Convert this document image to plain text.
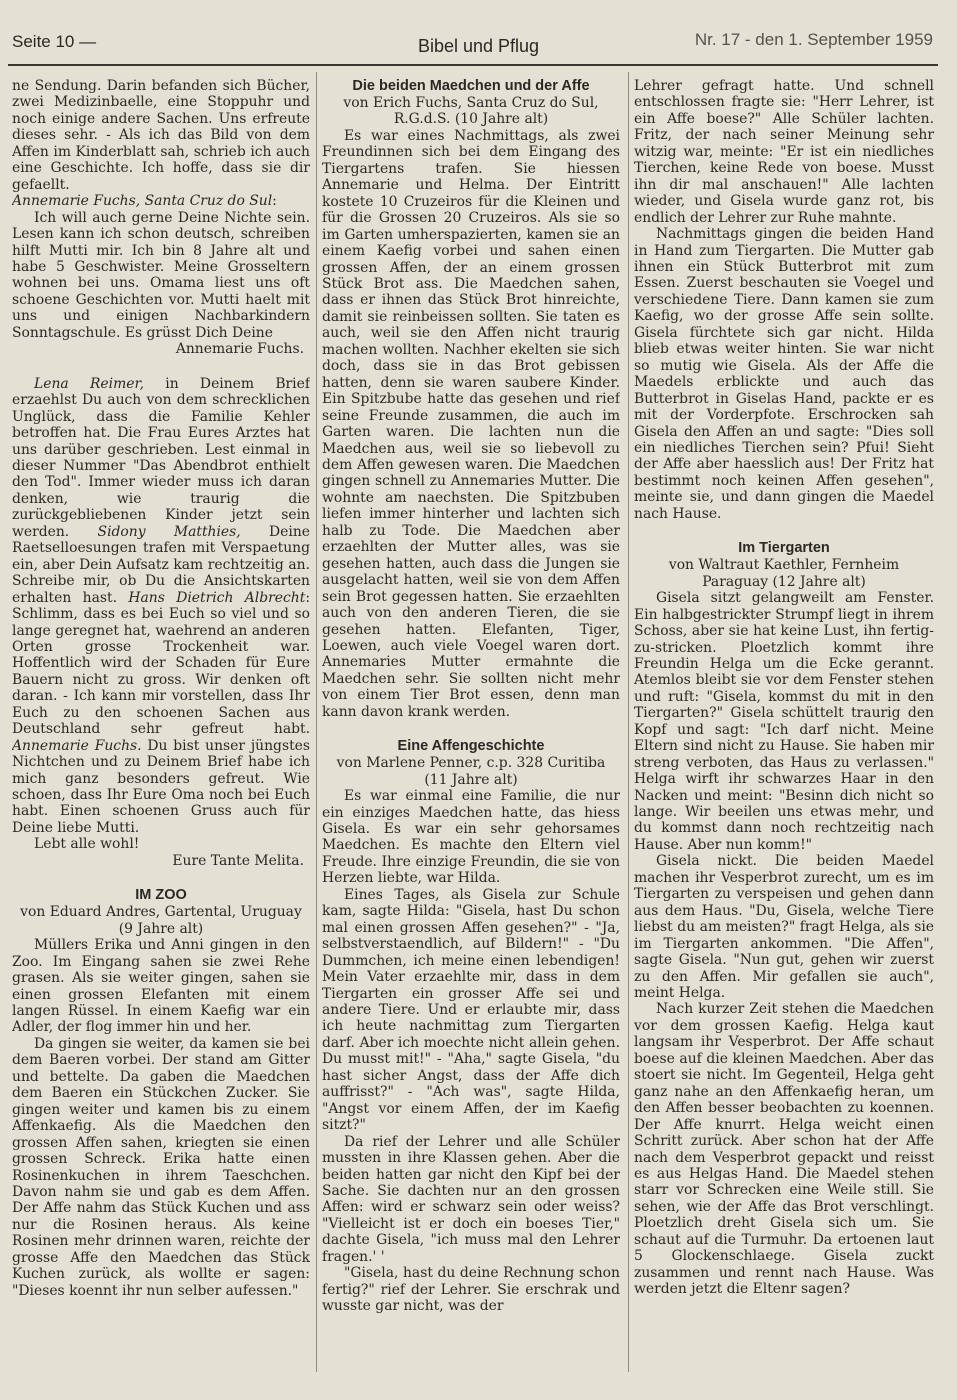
Seite 10 —	Bibel und Pflug	Nr. 17 - den 1. September 1959

ne Sendung. Darin befanden sich Bücher, zwei Medizinbaelle, eine Stoppuhr und noch einige andere Sachen. Uns erfreute dieses sehr. - Als ich das Bild von dem Affen im Kinderblatt sah, schrieb ich auch eine Geschichte. Ich hoffe, dass sie dir gefaellt.

Annemarie Fuchs, Santa Cruz do Sul:

Ich will auch gerne Deine Nichte sein. Lesen kann ich schon deutsch, schreiben hilft Mutti mir. Ich bin 8 Jahre alt und habe 5 Geschwister. Meine Grosseltern wohnen bei uns. Omama liest uns oft schoene Geschichten vor. Mutti haelt mit uns und einigen Nachbarkindern Sonntagschule. Es grüsst Dich Deine

Annemarie Fuchs.

Lena Reimer, in Deinem Brief erzaehlst Du auch von dem schrecklichen Unglück, dass die Familie Kehler betroffen hat. Die Frau Eures Arztes hat uns darüber geschrieben. Lest einmal in dieser Nummer "Das Abendbrot enthielt den Tod". Immer wieder muss ich daran denken, wie traurig die zurückgebliebenen Kinder jetzt sein werden. Sidony Matthies, Deine Raetselloesungen trafen mit Verspaetung ein, aber Dein Aufsatz kam rechtzeitig an. Schreibe mir, ob Du die Ansichtskarten erhalten hast. Hans Dietrich Albrecht: Schlimm, dass es bei Euch so viel und so lange geregnet hat, waehrend an anderen Orten grosse Trockenheit war. Hoffentlich wird der Schaden für Eure Bauern nicht zu gross. Wir denken oft daran. - Ich kann mir vorstellen, dass Ihr Euch zu den schoenen Sachen aus Deutschland sehr gefreut habt. Annemarie Fuchs. Du bist unser jüngstes Nichtchen und zu Deinem Brief habe ich mich ganz besonders gefreut. Wie schoen, dass Ihr Eure Oma noch bei Euch habt. Einen schoenen Gruss auch für Deine liebe Mutti.

Lebt alle wohl!

Eure Tante Melita.

IM ZOO

von Eduard Andres, Gartental, Uruguay

(9 Jahre alt)

Müllers Erika und Anni gingen in den Zoo. Im Eingang sahen sie zwei Rehe grasen. Als sie weiter gingen, sahen sie einen grossen Elefanten mit einem langen Rüssel. In einem Kaefig war ein Adler, der flog immer hin und her.

Da gingen sie weiter, da kamen sie bei dem Baeren vorbei. Der stand am Gitter und bettelte. Da gaben die Maedchen dem Baeren ein Stückchen Zucker. Sie gingen weiter und kamen bis zu einem Affenkaefig. Als die Maedchen den grossen Affen sahen, kriegten sie einen grossen Schreck. Erika hatte einen Rosinenkuchen in ihrem Taeschchen. Davon nahm sie und gab es dem Affen. Der Affe nahm das Stück Kuchen und ass nur die Rosinen heraus. Als keine Rosinen mehr drinnen waren, reichte der grosse Affe den Maedchen das Stück Kuchen zurück, als wollte er sagen: "Dieses koennt ihr nun selber aufessen."

Die beiden Maedchen und der Affe

von Erich Fuchs, Santa Cruz do Sul,

R.G.d.S. (10 Jahre alt)

Es war eines Nachmittags, als zwei Freundinnen sich bei dem Eingang des Tiergartens trafen. Sie hiessen Annemarie und Helma. Der Eintritt kostete 10 Cruzeiros für die Kleinen und für die Grossen 20 Cruzeiros. Als sie so im Garten umherspazierten, kamen sie an einem Kaefig vorbei und sahen einen grossen Affen, der an einem grossen Stück Brot ass. Die Maedchen sahen, dass er ihnen das Stück Brot hinreichte, damit sie reinbeissen sollten. Sie taten es auch, weil sie den Affen nicht traurig machen wollten. Nachher ekelten sie sich doch, dass sie in das Brot gebissen hatten, denn sie waren saubere Kinder. Ein Spitzbube hatte das gesehen und rief seine Freunde zusammen, die auch im Garten waren. Die lachten nun die Maedchen aus, weil sie so liebevoll zu dem Affen gewesen waren. Die Maedchen gingen schnell zu Annemaries Mutter. Die wohnte am naechsten. Die Spitzbuben liefen immer hinterher und lachten sich halb zu Tode. Die Maedchen aber erzaehlten der Mutter alles, was sie gesehen hatten, auch dass die Jungen sie ausgelacht hatten, weil sie von dem Affen sein Brot gegessen hatten. Sie erzaehlten auch von den anderen Tieren, die sie gesehen hatten. Elefanten, Tiger, Loewen, auch viele Voegel waren dort. Annemaries Mutter ermahnte die Maedchen sehr. Sie sollten nicht mehr von einem Tier Brot essen, denn man kann davon krank werden.

Eine Affengeschichte

von Marlene Penner, c.p. 328 Curitiba

(11 Jahre alt)

Es war einmal eine Familie, die nur ein einziges Maedchen hatte, das hiess Gisela. Es war ein sehr gehorsames Maedchen. Es machte den Eltern viel Freude. Ihre einzige Freundin, die sie von Herzen liebte, war Hilda.

Eines Tages, als Gisela zur Schule kam, sagte Hilda: "Gisela, hast Du schon mal einen grossen Affen gesehen?" - "Ja, selbstverstaendlich, auf Bildern!" - "Du Dummchen, ich meine einen lebendigen! Mein Vater erzaehlte mir, dass in dem Tiergarten ein grosser Affe sei und andere Tiere. Und er erlaubte mir, dass ich heute nachmittag zum Tiergarten darf. Aber ich moechte nicht allein gehen. Du musst mit!" - "Aha," sagte Gisela, "du hast sicher Angst, dass der Affe dich auffrisst?" - "Ach was", sagte Hilda, "Angst vor einem Affen, der im Kaefig sitzt?"

Da rief der Lehrer und alle Schüler mussten in ihre Klassen gehen. Aber die beiden hatten gar nicht den Kipf bei der Sache. Sie dachten nur an den grossen Affen: wird er schwarz sein oder weiss? "Vielleicht ist er doch ein boeses Tier," dachte Gisela, "ich muss mal den Lehrer fragen.' '

"Gisela, hast du deine Rechnung schon fertig?" rief der Lehrer. Sie erschrak und wusste gar nicht, was der

Lehrer gefragt hatte. Und schnell entschlossen fragte sie: "Herr Lehrer, ist ein Affe boese?" Alle Schüler lachten. Fritz, der nach seiner Meinung sehr witzig war, meinte: "Er ist ein niedliches Tierchen, keine Rede von boese. Musst ihn dir mal anschauen!" Alle lachten wieder, und Gisela wurde ganz rot, bis endlich der Lehrer zur Ruhe mahnte.

Nachmittags gingen die beiden Hand in Hand zum Tiergarten. Die Mutter gab ihnen ein Stück Butterbrot mit zum Essen. Zuerst beschauten sie Voegel und verschiedene Tiere. Dann kamen sie zum Kaefig, wo der grosse Affe sein sollte. Gisela fürchtete sich gar nicht. Hilda blieb etwas weiter hinten. Sie war nicht so mutig wie Gisela. Als der Affe die Maedels erblickte und auch das Butterbrot in Giselas Hand, packte er es mit der Vorderpfote. Erschrocken sah Gisela den Affen an und sagte: "Dies soll ein niedliches Tierchen sein? Pfui! Sieht der Affe aber haesslich aus! Der Fritz hat bestimmt noch keinen Affen gesehen", meinte sie, und dann gingen die Maedel nach Hause.

Im Tiergarten

von Waltraut Kaethler, Fernheim

Paraguay (12 Jahre alt)

Gisela sitzt gelangweilt am Fenster. Ein halbgestrickter Strumpf liegt in ihrem Schoss, aber sie hat keine Lust, ihn fertig-zu-stricken. Ploetzlich kommt ihre Freundin Helga um die Ecke gerannt. Atemlos bleibt sie vor dem Fenster stehen und ruft: "Gisela, kommst du mit in den Tiergarten?" Gisela schüttelt traurig den Kopf und sagt: "Ich darf nicht. Meine Eltern sind nicht zu Hause. Sie haben mir streng verboten, das Haus zu verlassen." Helga wirft ihr schwarzes Haar in den Nacken und meint: "Besinn dich nicht so lange. Wir beeilen uns etwas mehr, und du kommst dann noch rechtzeitig nach Hause. Aber nun komm!"

Gisela nickt. Die beiden Maedel machen ihr Vesperbrot zurecht, um es im Tiergarten zu verspeisen und gehen dann aus dem Haus. "Du, Gisela, welche Tiere liebst du am meisten?" fragt Helga, als sie im Tiergarten ankommen. "Die Affen", sagte Gisela. "Nun gut, gehen wir zuerst zu den Affen. Mir gefallen sie auch", meint Helga.

Nach kurzer Zeit stehen die Maedchen vor dem grossen Kaefig. Helga kaut langsam ihr Vesperbrot. Der Affe schaut boese auf die kleinen Maedchen. Aber das stoert sie nicht. Im Gegenteil, Helga geht ganz nahe an den Affenkaefig heran, um den Affen besser beobachten zu koennen. Der Affe knurrt. Helga weicht einen Schritt zurück. Aber schon hat der Affe nach dem Vesperbrot gepackt und reisst es aus Helgas Hand. Die Maedel stehen starr vor Schrecken eine Weile still. Sie sehen, wie der Affe das Brot verschlingt. Ploetzlich dreht Gisela sich um. Sie schaut auf die Turmuhr. Da ertoenen laut 5 Glockenschlaege. Gisela zuckt zusammen und rennt nach Hause. Was werden jetzt die Eltenr sagen?
